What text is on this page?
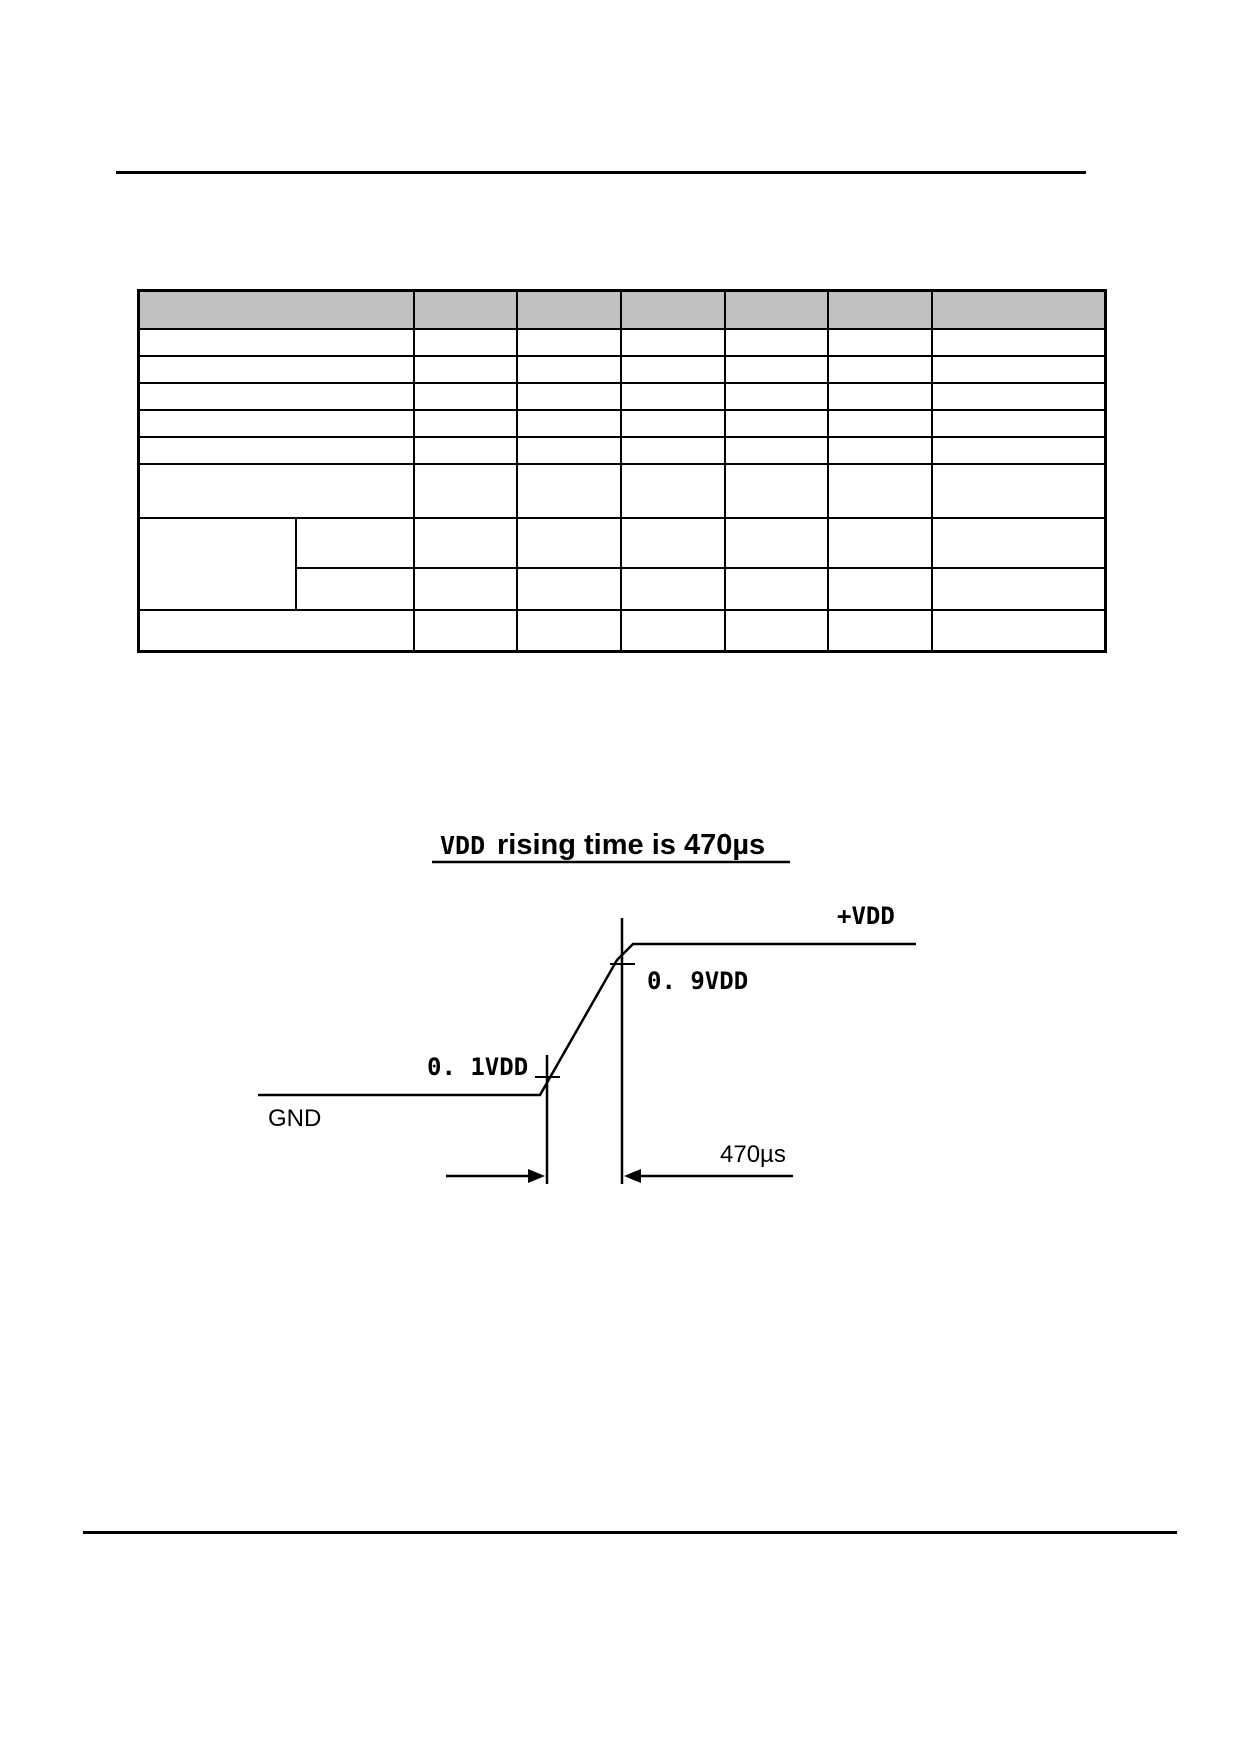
VDD rising time is 470µs
+VDD
0. 9VDD
0. 1VDD
GND
470µs
